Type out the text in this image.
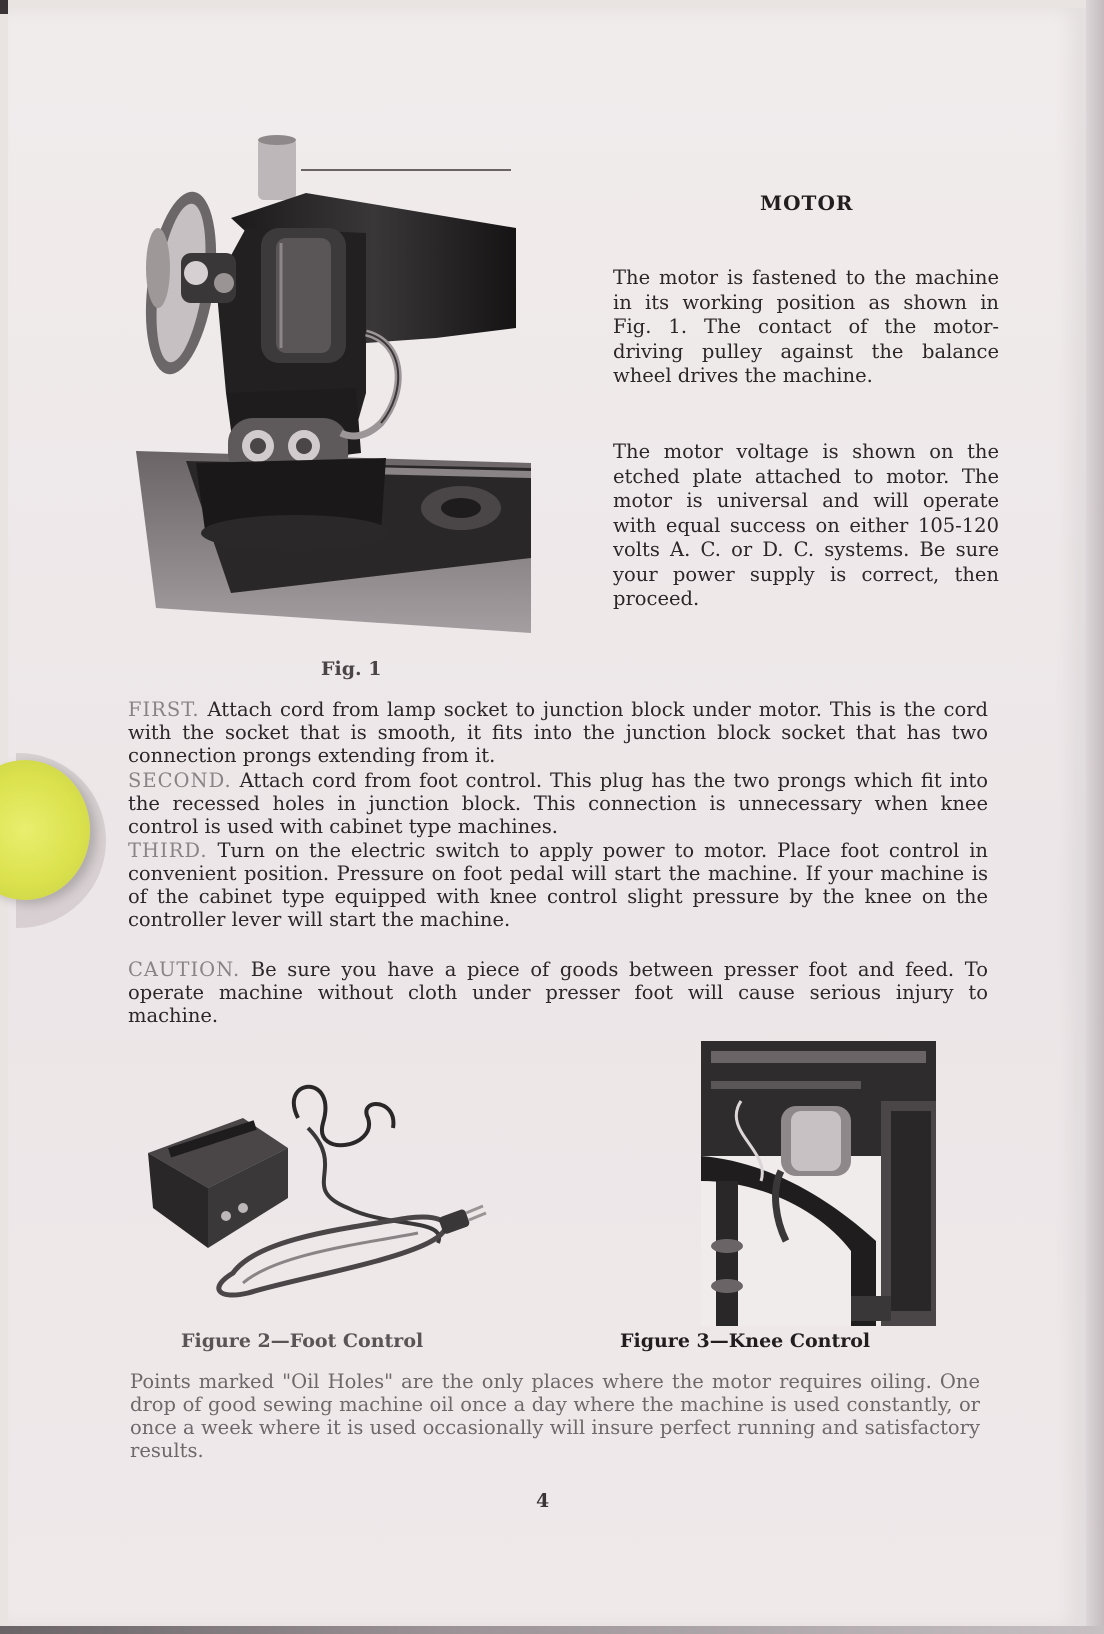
MOTOR

The motor is fastened to the machine in its working position as shown in Fig. 1. The contact of the motor-driving pulley against the balance wheel drives the machine.

The motor voltage is shown on the etched plate attached to motor. The motor is universal and will operate with equal success on either 105-120 volts A. C. or D. C. systems. Be sure your power supply is correct, then proceed.

Fig. 1

FIRST. Attach cord from lamp socket to junction block under motor. This is the cord with the socket that is smooth, it fits into the junction block socket that has two connection prongs extending from it.

SECOND. Attach cord from foot control. This plug has the two prongs which fit into the recessed holes in junction block. This connection is unnecessary when knee control is used with cabinet type machines.

THIRD. Turn on the electric switch to apply power to motor. Place foot control in convenient position. Pressure on foot pedal will start the machine. If your machine is of the cabinet type equipped with knee control slight pressure by the knee on the controller lever will start the machine.

CAUTION. Be sure you have a piece of goods between presser foot and feed. To operate machine without cloth under presser foot will cause serious injury to machine.

Figure 2—Foot Control	Figure 3—Knee Control

Points marked "Oil Holes" are the only places where the motor requires oiling. One drop of good sewing machine oil once a day where the machine is used constantly, or once a week where it is used occasionally will insure perfect running and satisfactory results.

4
